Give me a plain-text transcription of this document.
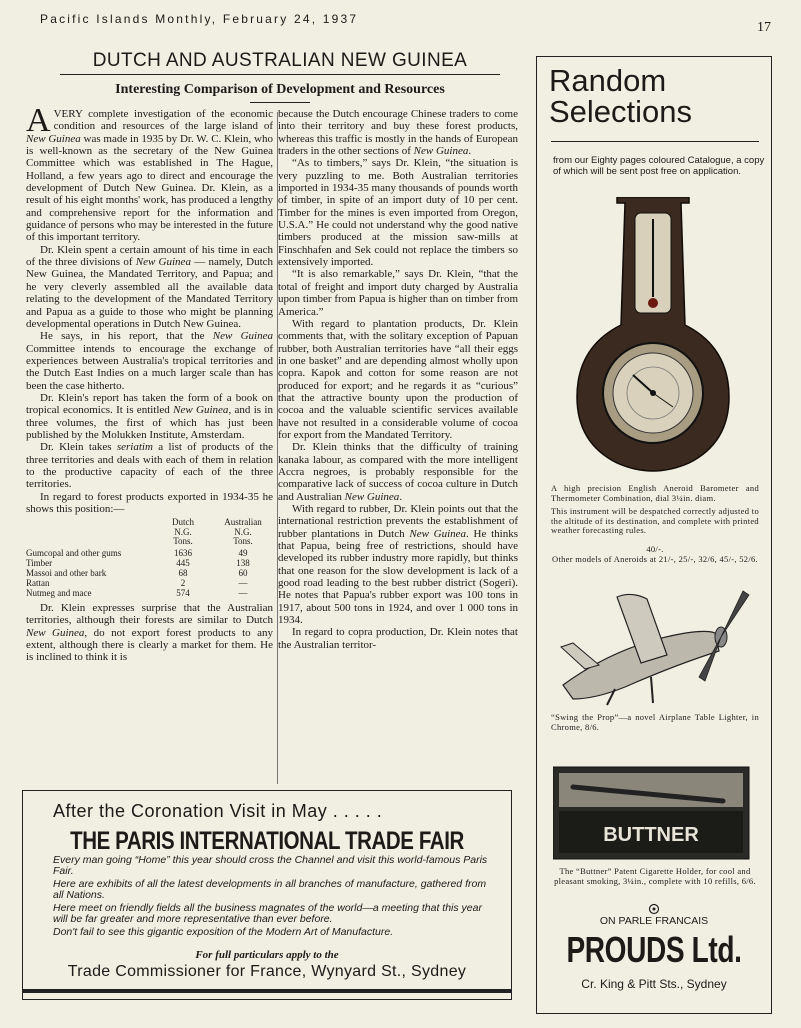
Pacific Islands Monthly, February 24, 1937
17
DUTCH AND AUSTRALIAN NEW GUINEA
Interesting Comparison of Development and Resources

AVERY complete investigation of the economic condition and resources of the large island of New Guinea was made in 1935 by Dr. W. C. Klein, who is well-known as the secretary of the New Guinea Committee which was established in The Hague, Holland, a few years ago to direct and encourage the development of Dutch New Guinea. Dr. Klein, as a result of his eight months' work, has produced a lengthy and comprehensive report for the information and guidance of persons who may be interested in the future of this important territory.

Dr. Klein spent a certain amount of his time in each of the three divisions of New Guinea — namely, Dutch New Guinea, the Mandated Territory, and Papua; and he very cleverly assembled all the available data relating to the development of the Mandated Territory and Papua as a guide to those who might be planning developmental operations in Dutch New Guinea.

He says, in his report, that the New Guinea Committee intends to encourage the exchange of experiences between Australia's tropical territories and the Dutch East Indies on a much larger scale than has been the case hitherto.

Dr. Klein's report has taken the form of a book on tropical economics. It is entitled New Guinea, and is in three volumes, the first of which has just been published by the Molukken Institute, Amsterdam.

Dr. Klein takes seriatim a list of products of the three territories and deals with each of them in relation to the productive capacity of each of the three territories.

In regard to forest products exported in 1934-35 he shows this position:—

	Dutch
N.G.
Tons.	Australian
N.G.
Tons.
Gumcopal and other gums	1636	49
Timber	445	138
Massoi and other bark	68	60
Rattan	2	—
Nutmeg and mace	574	—

Dr. Klein expresses surprise that the Australian territories, although their forests are similar to Dutch New Guinea, do not export forest products to any extent, although there is clearly a market for them. He is inclined to think it is

because the Dutch encourage Chinese traders to come into their territory and buy these forest products, whereas this traffic is mostly in the hands of European traders in the other sections of New Guinea.

“As to timbers,” says Dr. Klein, “the situation is very puzzling to me. Both Australian territories imported in 1934-35 many thousands of pounds worth of timber, in spite of an import duty of 10 per cent. Timber for the mines is even imported from Oregon, U.S.A.” He could not understand why the good native timbers produced at the mission saw-mills at Finschhafen and Sek could not replace the timbers so extensively imported.

“It is also remarkable,” says Dr. Klein, “that the total of freight and import duty charged by Australia upon timber from Papua is higher than on timber from America.”

With regard to plantation products, Dr. Klein comments that, with the solitary exception of Papuan rubber, both Australian territories have “all their eggs in one basket” and are depending almost wholly upon copra. Kapok and cotton for some reason are not produced for export; and he regards it as “curious” that the attractive bounty upon the production of cocoa and the valuable scientific services available have not resulted in a considerable volume of cocoa for export from the Mandated Territory.

Dr. Klein thinks that the difficulty of training kanaka labour, as compared with the more intelligent Accra negroes, is probably responsible for the comparative lack of success of cocoa culture in Dutch and Australian New Guinea.

With regard to rubber, Dr. Klein points out that the international restriction prevents the establishment of rubber plantations in Dutch New Guinea. He thinks that Papua, being free of restrictions, should have developed its rubber industry more rapidly, but thinks that one reason for the slow development is lack of a good road leading to the best rubber district (Sogeri). He notes that Papua's rubber export was 100 tons in 1917, about 500 tons in 1924, and over 1 000 tons in 1934.

In regard to copra production, Dr. Klein notes that the Australian territor-

After the Coronation Visit in May . . . . .
THE PARIS INTERNATIONAL TRADE FAIR

Every man going “Home” this year should cross the Channel and visit this world-famous Paris Fair.

Here are exhibits of all the latest developments in all branches of manufacture, gathered from all Nations.

Here meet on friendly fields all the business magnates of the world—a meeting that this year will be far greater and more representative than ever before.

Don't fail to see this gigantic exposition of the Modern Art of Manufacture.

For full particulars apply to the
Trade Commissioner for France, Wynyard St., Sydney
Random
Selections
from our Eighty pages coloured Catalogue, a copy of which will be sent post free on application.
A high precision English Aneroid Barometer and Thermometer Combination, dial 3¼in. diam.
This instrument will be despatched correctly adjusted to the altitude of its destination, and complete with printed weather forecasting rules.
40/-.
Other models of Aneroids at 21/-, 25/-, 32/6, 45/-, 52/6.
“Swing the Prop”—a novel Airplane Table Lighter, in Chrome, 8/6.
BUTTNER
The “Buttner” Patent Cigarette Holder, for cool and pleasant smoking, 3¼in., complete with 10 refills, 6/6.
ON PARLE FRANCAIS
PROUDS Ltd.
Cr. King & Pitt Sts., Sydney
